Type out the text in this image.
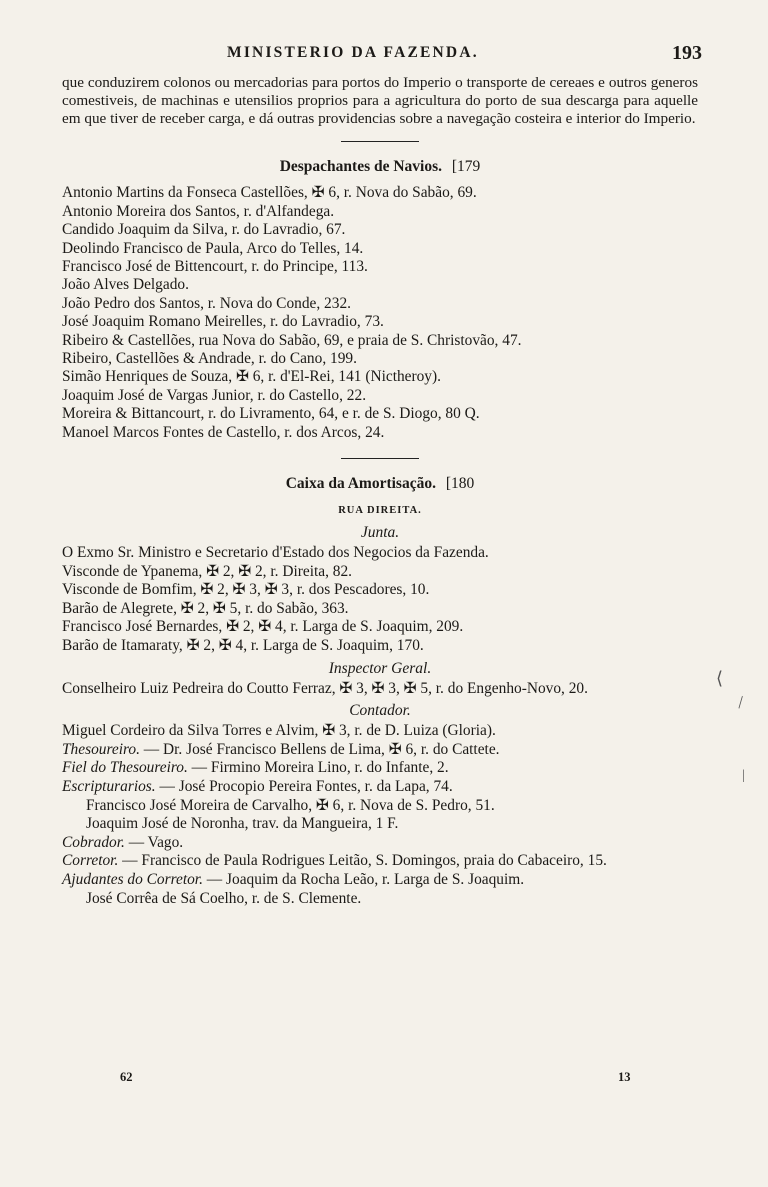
MINISTERIO DA FAZENDA.	193
que conduzirem colonos ou mercadorias para portos do Imperio o transporte de cereaes e outros generos comestiveis, de machinas e utensilios proprios para a agricultura do porto de sua descarga para aquelle em que tiver de receber carga, e dá outras providencias sobre a navegação costeira e interior do Imperio.
Despachantes de Navios. [179
Antonio Martins da Fonseca Castellões, ✠ 6, r. Nova do Sabão, 69.
Antonio Moreira dos Santos, r. d'Alfandega.
Candido Joaquim da Silva, r. do Lavradio, 67.
Deolindo Francisco de Paula, Arco do Telles, 14.
Francisco José de Bittencourt, r. do Principe, 113.
João Alves Delgado.
João Pedro dos Santos, r. Nova do Conde, 232.
José Joaquim Romano Meirelles, r. do Lavradio, 73.
Ribeiro & Castellões, rua Nova do Sabão, 69, e praia de S. Christovão, 47.
Ribeiro, Castellões & Andrade, r. do Cano, 199.
Simão Henriques de Souza, ✠ 6, r. d'El-Rei, 141 (Nictheroy).
Joaquim José de Vargas Junior, r. do Castello, 22.
Moreira & Bittancourt, r. do Livramento, 64, e r. de S. Diogo, 80 Q.
Manoel Marcos Fontes de Castello, r. dos Arcos, 24.
Caixa da Amortisação. [180
RUA DIREITA.
Junta.
O Exmo Sr. Ministro e Secretario d'Estado dos Negocios da Fazenda.
Visconde de Ypanema, ✠ 2, ✠ 2, r. Direita, 82.
Visconde de Bomfim, ✠ 2, ✠ 3, ✠ 3, r. dos Pescadores, 10.
Barão de Alegrete, ✠ 2, ✠ 5, r. do Sabão, 363.
Francisco José Bernardes, ✠ 2, ✠ 4, r. Larga de S. Joaquim, 209.
Barão de Itamaraty, ✠ 2, ✠ 4, r. Larga de S. Joaquim, 170.
Inspector Geral.
Conselheiro Luiz Pedreira do Coutto Ferraz, ✠ 3, ✠ 3, ✠ 5, r. do Engenho-Novo, 20.
Contador.
Miguel Cordeiro da Silva Torres e Alvim, ✠ 3, r. de D. Luiza (Gloria).
Thesoureiro. — Dr. José Francisco Bellens de Lima, ✠ 6, r. do Cattete.
Fiel do Thesoureiro. — Firmino Moreira Lino, r. do Infante, 2.
Escripturarios. — José Procopio Pereira Fontes, r. da Lapa, 74.
Francisco José Moreira de Carvalho, ✠ 6, r. Nova de S. Pedro, 51.
Joaquim José de Noronha, trav. da Mangueira, 1 F.
Cobrador. — Vago.
Corretor. — Francisco de Paula Rodrigues Leitão, S. Domingos, praia do Cabaceiro, 15.
Ajudantes do Corretor. — Joaquim da Rocha Leão, r. Larga de S. Joaquim.
José Corrêa de Sá Coelho, r. de S. Clemente.
62	13
⟨
\
|
